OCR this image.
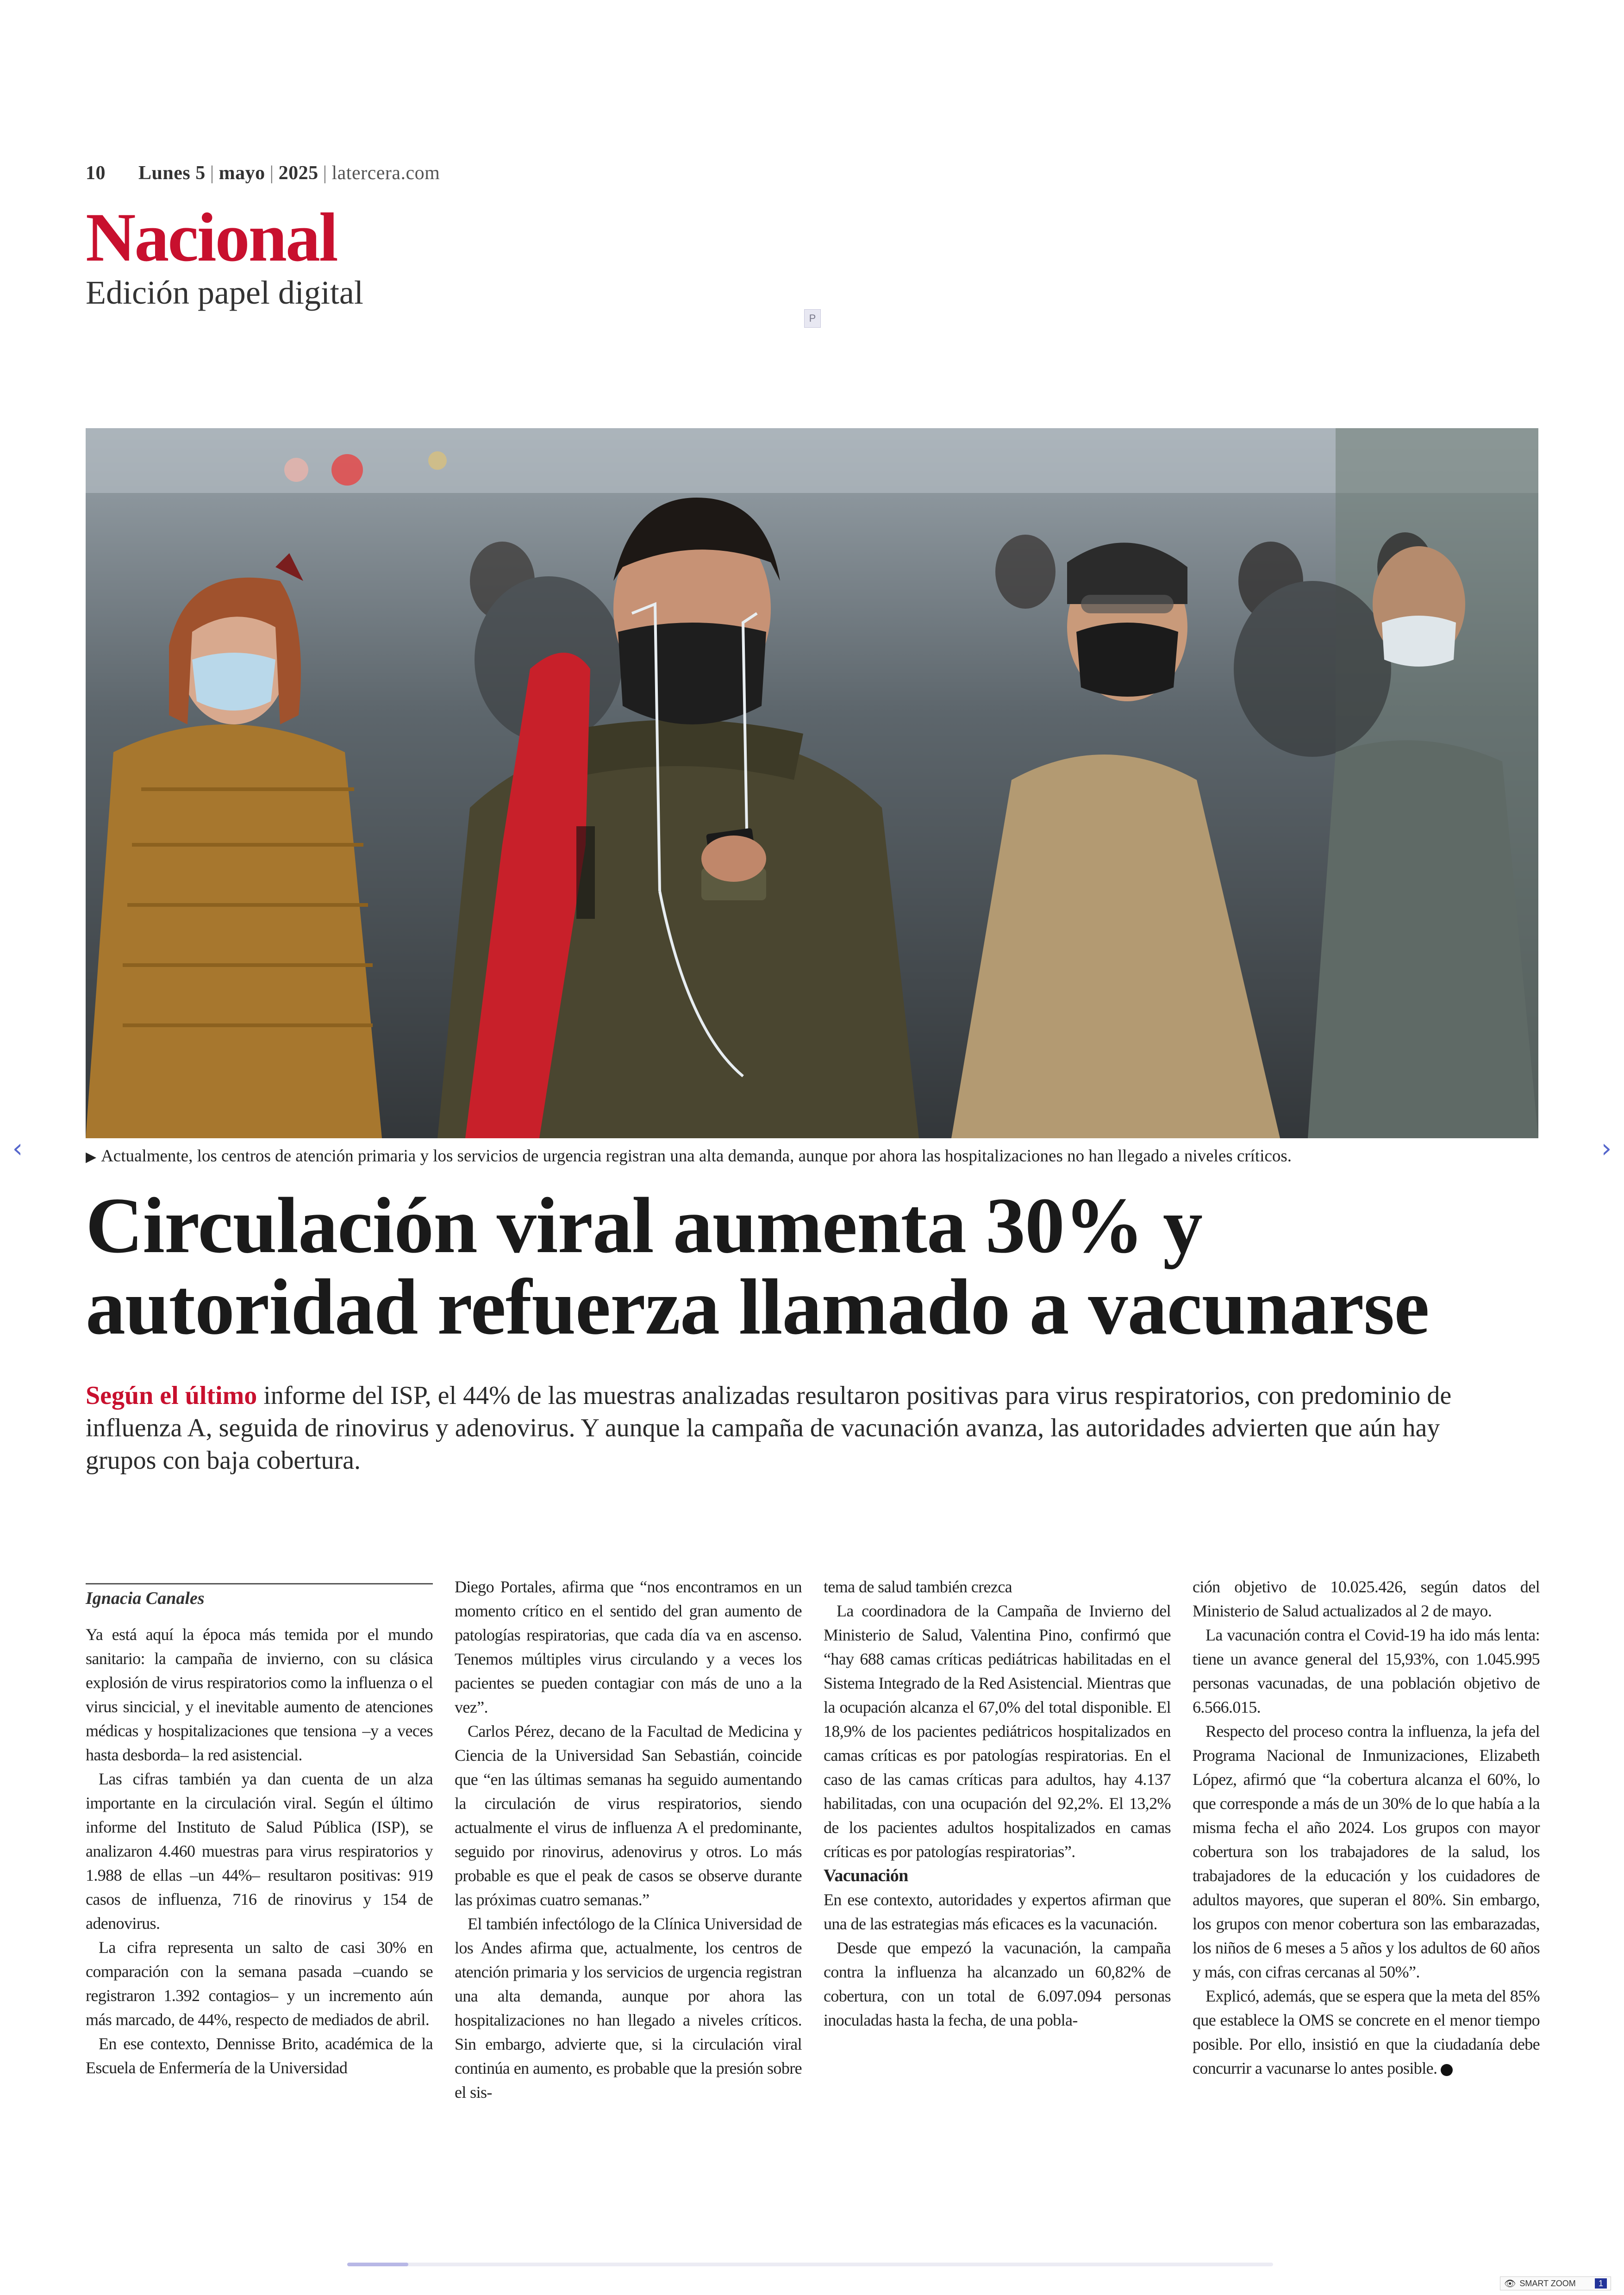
10 Lunes 5 | mayo | 2025 | latercera.com
Nacional
Edición papel digital
P
▶ Actualmente, los centros de atención primaria y los servicios de urgencia registran una alta demanda, aunque por ahora las hospitalizaciones no han llegado a niveles críticos.
‹	›
Circulación viral aumenta 30% y autoridad refuerza llamado a vacunarse
Según el último informe del ISP, el 44% de las muestras analizadas resultaron positivas para virus respiratorios, con predominio de influenza A, seguida de rinovirus y adenovirus. Y aunque la campaña de vacunación avanza, las autoridades advierten que aún hay grupos con baja cobertura.
Ignacia Canales

Ya está aquí la época más temida por el mundo sanitario: la campaña de invierno, con su clásica explosión de virus respiratorios como la influenza o el virus sincicial, y el inevitable aumento de atenciones médicas y hospitalizaciones que tensiona –y a veces hasta desborda– la red asistencial.

Las cifras también ya dan cuenta de un alza importante en la circulación viral. Según el último informe del Instituto de Salud Pública (ISP), se analizaron 4.460 muestras para virus respiratorios y 1.988 de ellas –un 44%– resultaron positivas: 919 casos de influenza, 716 de rinovirus y 154 de adenovirus.

La cifra representa un salto de casi 30% en comparación con la semana pasada –cuando se registraron 1.392 contagios– y un incremento aún más marcado, de 44%, respecto de mediados de abril.

En ese contexto, Dennisse Brito, académica de la Escuela de Enfermería de la Universidad

Diego Portales, afirma que “nos encontramos en un momento crítico en el sentido del gran aumento de patologías respiratorias, que cada día va en ascenso. Tenemos múltiples virus circulando y a veces los pacientes se pueden contagiar con más de uno a la vez”.

Carlos Pérez, decano de la Facultad de Medicina y Ciencia de la Universidad San Sebastián, coincide que “en las últimas semanas ha seguido aumentando la circulación de virus respiratorios, siendo actualmente el virus de influenza A el predominante, seguido por rinovirus, adenovirus y otros. Lo más probable es que el peak de casos se observe durante las próximas cuatro semanas.”

El también infectólogo de la Clínica Universidad de los Andes afirma que, actualmente, los centros de atención primaria y los servicios de urgencia registran una alta demanda, aunque por ahora las hospitalizaciones no han llegado a niveles críticos. Sin embargo, advierte que, si la circulación viral continúa en aumento, es probable que la presión sobre el sis-

tema de salud también crezca

La coordinadora de la Campaña de Invierno del Ministerio de Salud, Valentina Pino, confirmó que “hay 688 camas críticas pediátricas habilitadas en el Sistema Integrado de la Red Asistencial. Mientras que la ocupación alcanza el 67,0% del total disponible. El 18,9% de los pacientes pediátricos hospitalizados en camas críticas es por patologías respiratorias. En el caso de las camas críticas para adultos, hay 4.137 habilitadas, con una ocupación del 92,2%. El 13,2% de los pacientes adultos hospitalizados en camas críticas es por patologías respiratorias”.

Vacunación

En ese contexto, autoridades y expertos afirman que una de las estrategias más eficaces es la vacunación.

Desde que empezó la vacunación, la campaña contra la influenza ha alcanzado un 60,82% de cobertura, con un total de 6.097.094 personas inoculadas hasta la fecha, de una pobla-

ción objetivo de 10.025.426, según datos del Ministerio de Salud actualizados al 2 de mayo.

La vacunación contra el Covid-19 ha ido más lenta: tiene un avance general del 15,93%, con 1.045.995 personas vacunadas, de una población objetivo de 6.566.015.

Respecto del proceso contra la influenza, la jefa del Programa Nacional de Inmunizaciones, Elizabeth López, afirmó que “la cobertura alcanza el 60%, lo que corresponde a más de un 30% de lo que había a la misma fecha el año 2024. Los grupos con mayor cobertura son los trabajadores de la salud, los trabajadores de la educación y los cuidadores de adultos mayores, que superan el 80%. Sin embargo, los grupos con menor cobertura son las embarazadas, los niños de 6 meses a 5 años y los adultos de 60 años y más, con cifras cercanas al 50%”.

Explicó, además, que se espera que la meta del 85% que establece la OMS se concrete en el menor tiempo posible. Por ello, insistió en que la ciudadanía debe concurrir a vacunarse lo antes posible.

👁 SMART ZOOM	1
